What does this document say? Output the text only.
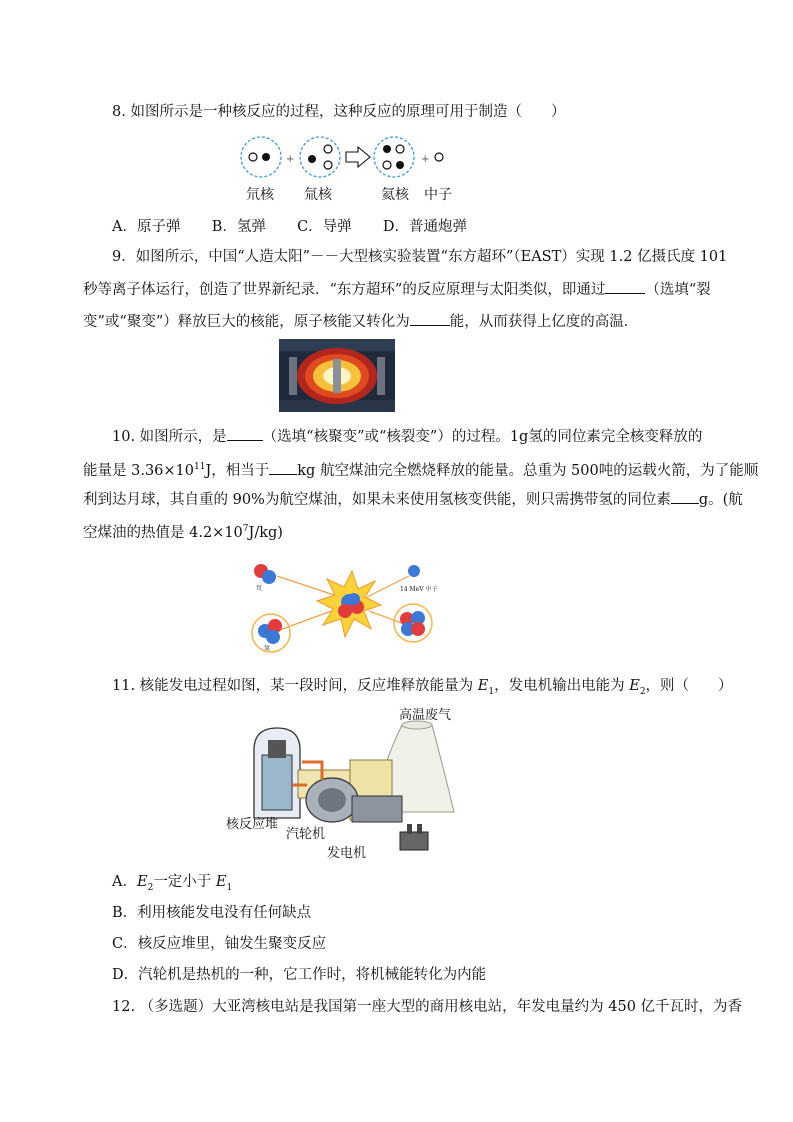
8. 如图所示是一种核反应的过程，这种反应的原理可用于制造（　　）
+	+
氘核 氚核	氦核 中子
A．原子弹 B．氢弹 C．导弹 D．普通炮弹
9．如图所示，中国“人造太阳”－－大型核实验装置“东方超环”（EAST）实现 1.2 亿摄氏度 101
秒等离子体运行，创造了世界新纪录．“东方超环”的反应原理与太阳类似，即通过	（选填“裂
变”或“聚变”）释放巨大的核能，原子核能又转化为	能，从而获得上亿度的高温．
10. 如图所示，是 （选填“核聚变”或“核裂变”）的过程。1g氢的同位素完全核变释放的
能量是 $3.36\times 10^{11}J$，相当于 kg 航空煤油完全燃烧释放的能量。总重为 500吨的运载火箭，为了能顺
利到达月球，其自重的 90%为航空煤油，如果未来使用氢核变供能，则只需携带氢的同位素 g。(航
空煤油的热值是 $4.2\times 10^7J/kg$)
氘
氚
14 MeV 中子
11. 核能发电过程如图，某一段时间，反应堆释放能量为 $E_1$，发电机输出电能为 $E_2$，则（　　）
高温废气
核反应堆
汽轮机
发电机
A．$E_2$一定小于 $E_1$
B．利用核能发电没有任何缺点
C．核反应堆里，铀发生聚变反应
D．汽轮机是热机的一种，它工作时，将机械能转化为内能
12. （多选题）大亚湾核电站是我国第一座大型的商用核电站，年发电量约为 450 亿千瓦时，为香
